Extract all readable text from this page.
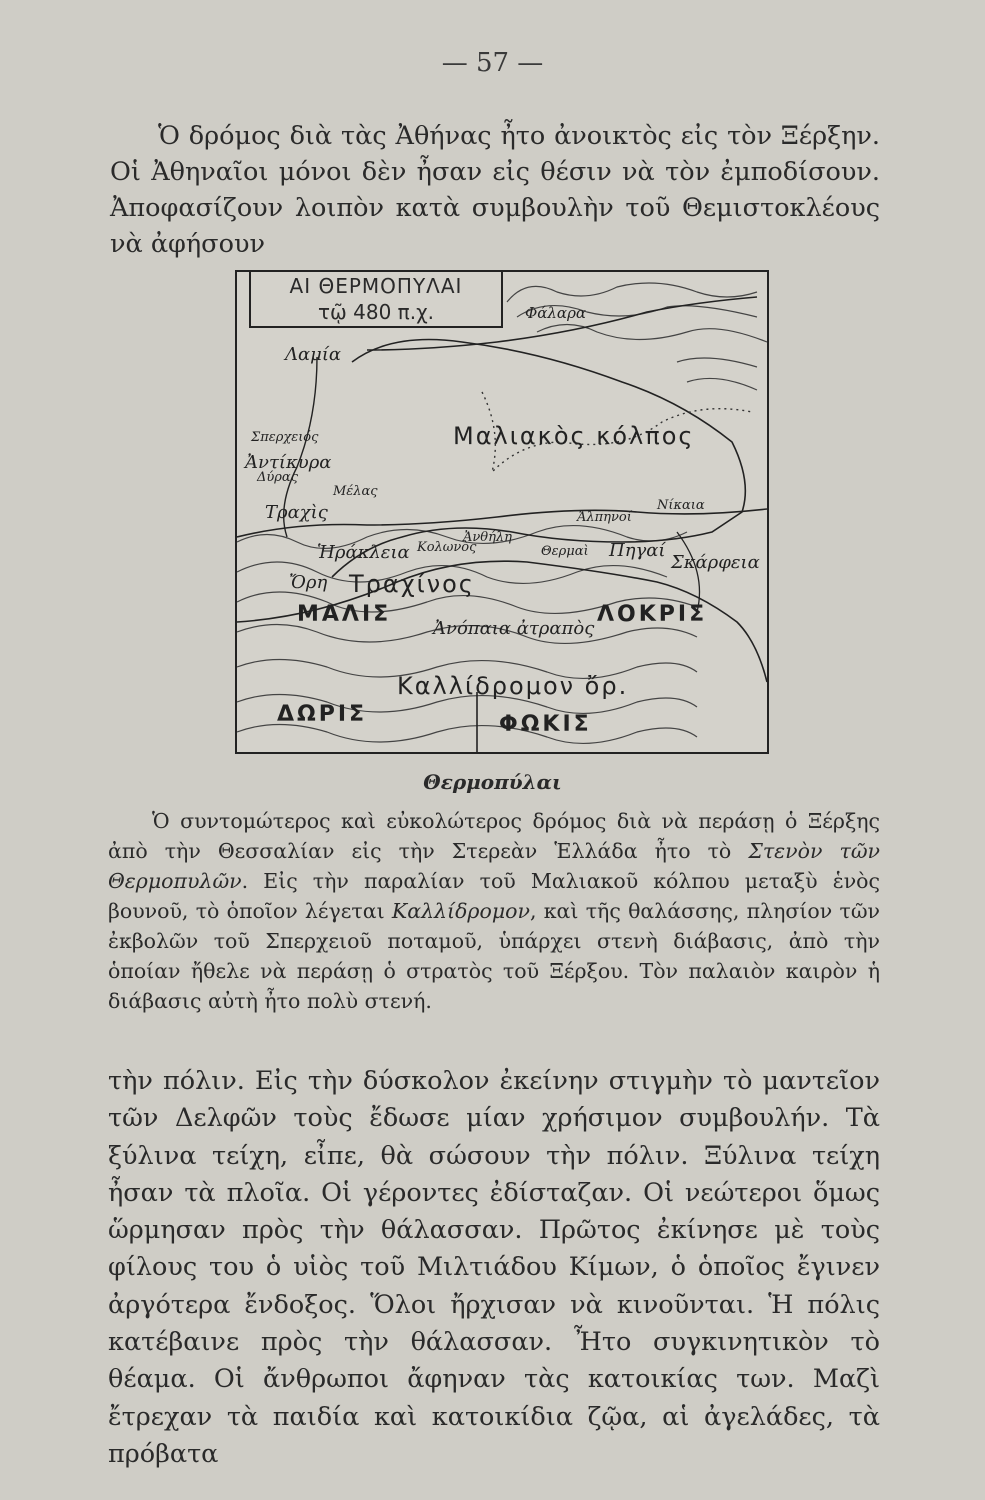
— 57 —

Ὁ δρόμος διὰ τὰς Ἀθήνας ἦτο ἀνοικτὸς εἰς τὸν Ξέρξην. Οἱ Ἀθηναῖοι μόνοι δὲν ἦσαν εἰς θέσιν νὰ τὸν ἐμποδίσουν. Ἀποφασίζουν λοιπὸν κατὰ συμβουλὴν τοῦ Θεμιστοκλέους νὰ ἀφήσουν

ΑΙ ΘΕΡΜΟΠΥΛΑΙ
τῷ 480 π.χ.
Λαμία
Φάλαρα
Μαλιακὸς κόλπος
Σπερχειός
Ἀντίκυρα
Δύρας
Μέλας
Τραχὶς
Ἡράκλεια Κολωνὸς
Ἀνθήλη
Θερμαὶ Πηγαί
Σκάρφεια
Νίκαια
Ἀλπηνοί
Ὄρη Τραχίνος
ΜΑΛΙΣ	ΛΟΚΡΙΣ
Ἀνόπαια ἀτραπὸς
Καλλίδρομον ὄρ.
ΔΩΡΙΣ	ΦΩΚΙΣ
Θερμοπύλαι

Ὁ συντομώτερος καὶ εὐκολώτερος δρόμος διὰ νὰ περάσῃ ὁ Ξέρξης ἀπὸ τὴν Θεσσαλίαν εἰς τὴν Στερεὰν Ἑλλάδα ἦτο τὸ Στενὸν τῶν Θερμοπυλῶν. Εἰς τὴν παραλίαν τοῦ Μαλιακοῦ κόλπου μεταξὺ ἑνὸς βουνοῦ, τὸ ὁποῖον λέγεται Καλλίδρομον, καὶ τῆς θαλάσσης, πλησίον τῶν ἐκβολῶν τοῦ Σπερχειοῦ ποταμοῦ, ὑπάρχει στενὴ διάβασις, ἀπὸ τὴν ὁποίαν ἤθελε νὰ περάσῃ ὁ στρατὸς τοῦ Ξέρξου. Τὸν παλαιὸν καιρὸν ἡ διάβασις αὐτὴ ἦτο πολὺ στενή.

τὴν πόλιν. Εἰς τὴν δύσκολον ἐκείνην στιγμὴν τὸ μαντεῖον τῶν Δελφῶν τοὺς ἔδωσε μίαν χρήσιμον συμβουλήν. Τὰ ξύλινα τείχη, εἶπε, θὰ σώσουν τὴν πόλιν. Ξύλινα τείχη ἦσαν τὰ πλοῖα. Οἱ γέροντες ἐδίσταζαν. Οἱ νεώτεροι ὅμως ὥρμησαν πρὸς τὴν θάλασσαν. Πρῶτος ἐκίνησε μὲ τοὺς φίλους του ὁ υἱὸς τοῦ Μιλτιάδου Κίμων, ὁ ὁποῖος ἔγινεν ἀργότερα ἔνδοξος. Ὅλοι ἤρχισαν νὰ κινοῦνται. Ἡ πόλις κατέβαινε πρὸς τὴν θάλασσαν. Ἦτο συγκινητικὸν τὸ θέαμα. Οἱ ἄνθρωποι ἄφηναν τὰς κατοικίας των. Μαζὶ ἔτρεχαν τὰ παιδία καὶ κατοικίδια ζῷα, αἱ ἀγελάδες, τὰ πρόβατα
